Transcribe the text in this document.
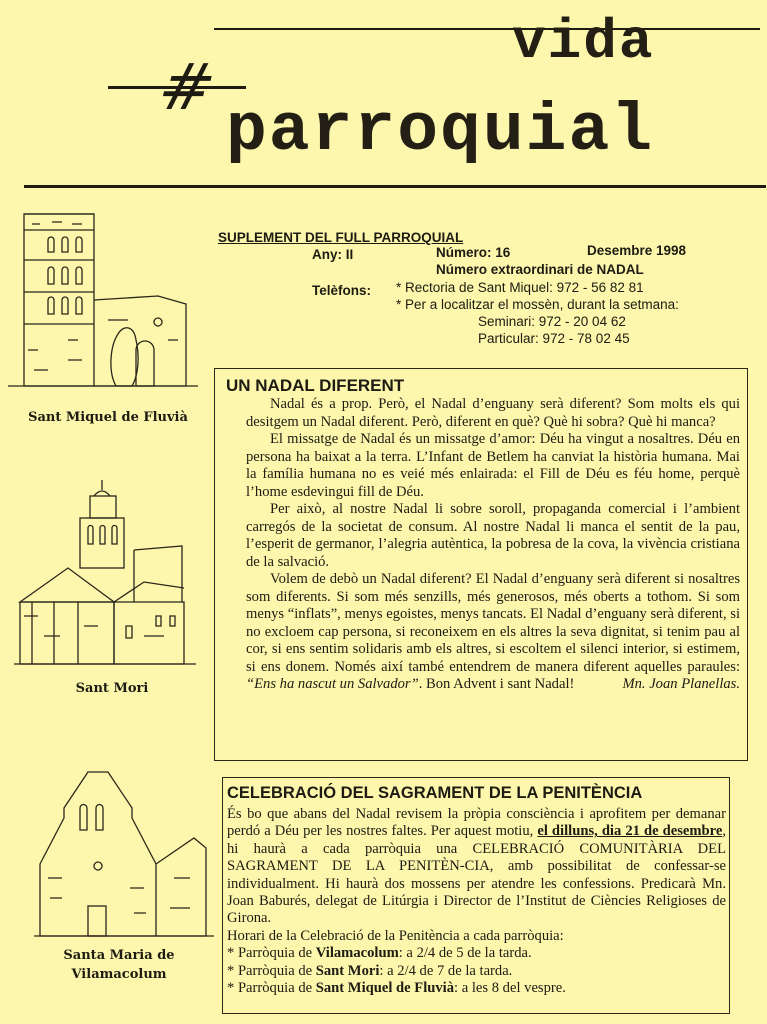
vida
parroquial
#
SUPLEMENT DEL FULL PARROQUIAL
Any: II	Número: 16	Desembre 1998
Número extraordinari de NADAL
Telèfons: * Rectoria de Sant Miquel: 972 - 56 82 81
* Per a localitzar el mossèn, durant la setmana:
Seminari: 972 - 20 04 62
Particular: 972 - 78 02 45
Sant Miquel de Fluvià
Sant Mori
Santa Maria de
Vilamacolum
UN NADAL DIFERENT

Nadal és a prop. Però, el Nadal d’enguany serà diferent? Som molts els qui desitgem un Nadal diferent. Però, diferent en què? Què hi sobra? Què hi manca?

El missatge de Nadal és un missatge d’amor: Déu ha vingut a nosaltres. Déu en persona ha baixat a la terra. L’Infant de Betlem ha canviat la història humana. Mai la família humana no es veié més enlairada: el Fill de Déu es féu home, perquè l’home esdevingui fill de Déu.

Per això, al nostre Nadal li sobre soroll, propaganda comercial i l’ambient carregós de la societat de consum. Al nostre Nadal li manca el sentit de la pau, l’esperit de germanor, l’alegria autèntica, la pobresa de la cova, la vivència cristiana de la salvació.

Volem de debò un Nadal diferent? El Nadal d’enguany serà diferent si nosaltres som diferents. Si som més senzills, més generosos, més oberts a tothom. Si som menys “inflats”, menys egoistes, menys tancats. El Nadal d’enguany serà diferent, si no excloem cap persona, si reconeixem en els altres la seva dignitat, si tenim pau al cor, si ens sentim solidaris amb els altres, si escoltem el silenci interior, si estimem, si ens donem. Només així també entendrem de manera diferent aquelles paraules: “Ens ha nascut un Salvador”. Bon Advent i sant Nadal!	Mn. Joan Planellas.

CELEBRACIÓ DEL SAGRAMENT DE LA PENITÈNCIA

És bo que abans del Nadal revisem la pròpia consciència i aprofitem per demanar perdó a Déu per les nostres faltes. Per aquest motiu, el dilluns, dia 21 de desembre, hi haurà a cada parròquia una CELEBRACIÓ COMUNITÀRIA DEL SAGRAMENT DE LA PENITÈN-CIA, amb possibilitat de confessar-se individualment. Hi haurà dos mossens per atendre les confessions. Predicarà Mn. Joan Baburés, delegat de Litúrgia i Director de l’Institut de Ciències Religioses de Girona.

Horari de la Celebració de la Penitència a cada parròquia:

* Parròquia de Vilamacolum: a 2/4 de 5 de la tarda.

* Parròquia de Sant Mori: a 2/4 de 7 de la tarda.

* Parròquia de Sant Miquel de Fluvià: a les 8 del vespre.
